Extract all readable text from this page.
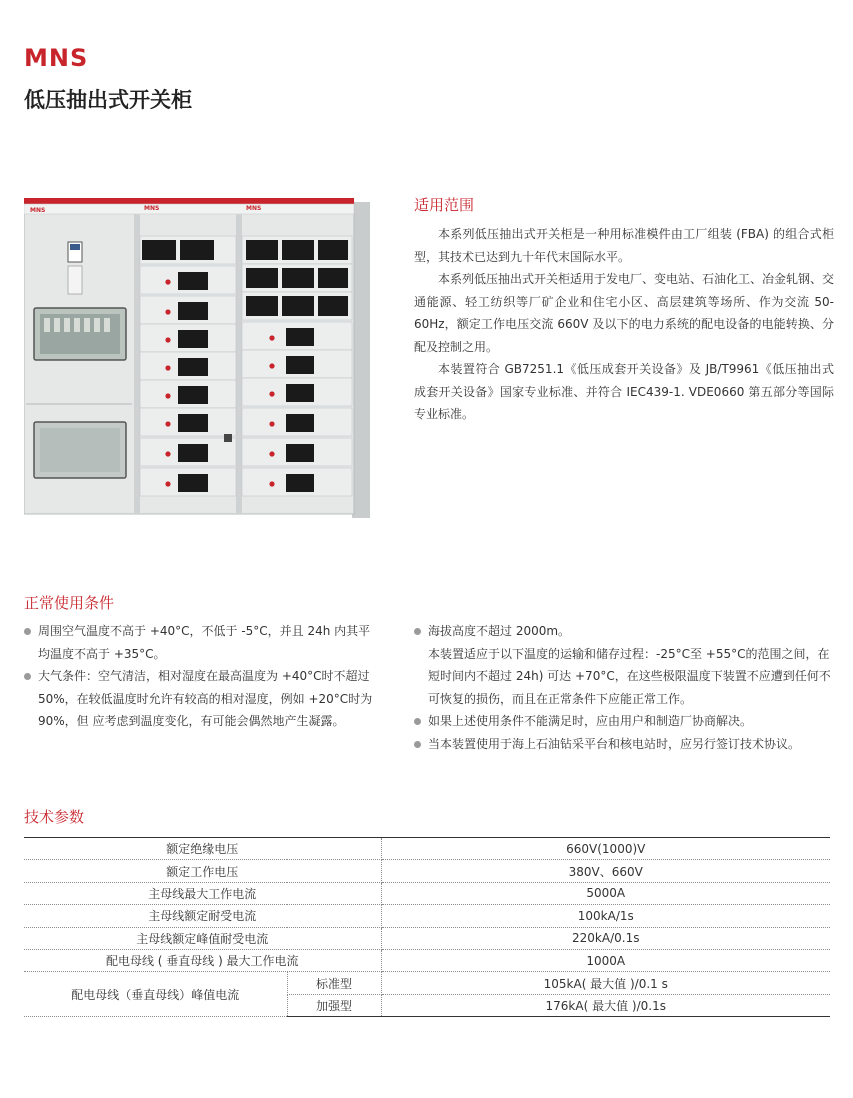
MNS
低压抽出式开关柜
MNS	MNS	MNS	适用范围

本系列低压抽出式开关柜是一种用标准模件由工厂组装 (FBA) 的组合式柜型，其技术已达到九十年代末国际水平。

本系列低压抽出式开关柜适用于发电厂、变电站、石油化工、冶金轧钢、交通能源、轻工纺织等厂矿企业和住宅小区、高层建筑等场所、作为交流 50-60Hz，额定工作电压交流 660V 及以下的电力系统的配电设备的电能转换、分配及控制之用。

本装置符合 GB7251.1《低压成套开关设备》及 JB/T9961《低压抽出式成套开关设备》国家专业标准、并符合 IEC439-1. VDE0660 第五部分等国际专业标准。

正常使用条件
周围空气温度不高于 +40°C，不低于 -5°C，并且 24h 内其平均温度不高于 +35°C。
大气条件：空气清洁，相对湿度在最高温度为 +40°C时不超过 50%，在较低温度时允许有较高的相对湿度，例如 +20°C时为 90%，但 应考虑到温度变化，有可能会偶然地产生凝露。
海拔高度不超过 2000m。
本装置适应于以下温度的运输和储存过程：-25°C至 +55°C的范围之间，在短时间内不超过 24h) 可达 +70°C，在这些极限温度下装置不应遭到任何不可恢复的损伤，而且在正常条件下应能正常工作。
如果上述使用条件不能满足时，应由用户和制造厂协商解决。
当本装置使用于海上石油钻采平台和核电站时，应另行签订技术协议。
技术参数
额定绝缘电压		660V(1000)V
额定工作电压		380V、660V
主母线最大工作电流		5000A
主母线额定耐受电流		100kA/1s
主母线额定峰值耐受电流		220kA/0.1s
配电母线 ( 垂直母线 ) 最大工作电流		1000A
配电母线（垂直母线）峰值电流	标准型	105kA( 最大值 )/0.1 s
	加强型	176kA( 最大值 )/0.1s
